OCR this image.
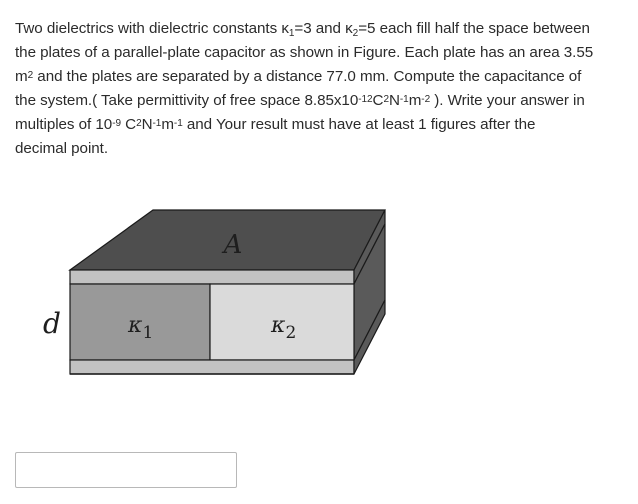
Two dielectrics with dielectric constants $\kappa_1=3$ and $\kappa_2=5$ each fill half the space between
the plates of a parallel-plate capacitor as shown in Figure. Each plate has an area 3.55
$m^2$ and the plates are separated by a distance 77.0 mm. Compute the capacitance of
the system.( Take permittivity of free space $8.85x10^{-12}C^2N^{-1}m^{-2}$ ). Write your answer in
multiples of $10^{-9}$ $C^2N^{-1}m^{-1}$ and Your result must have at least 1 figures after the
decimal point.
A
d	κ1	κ2
